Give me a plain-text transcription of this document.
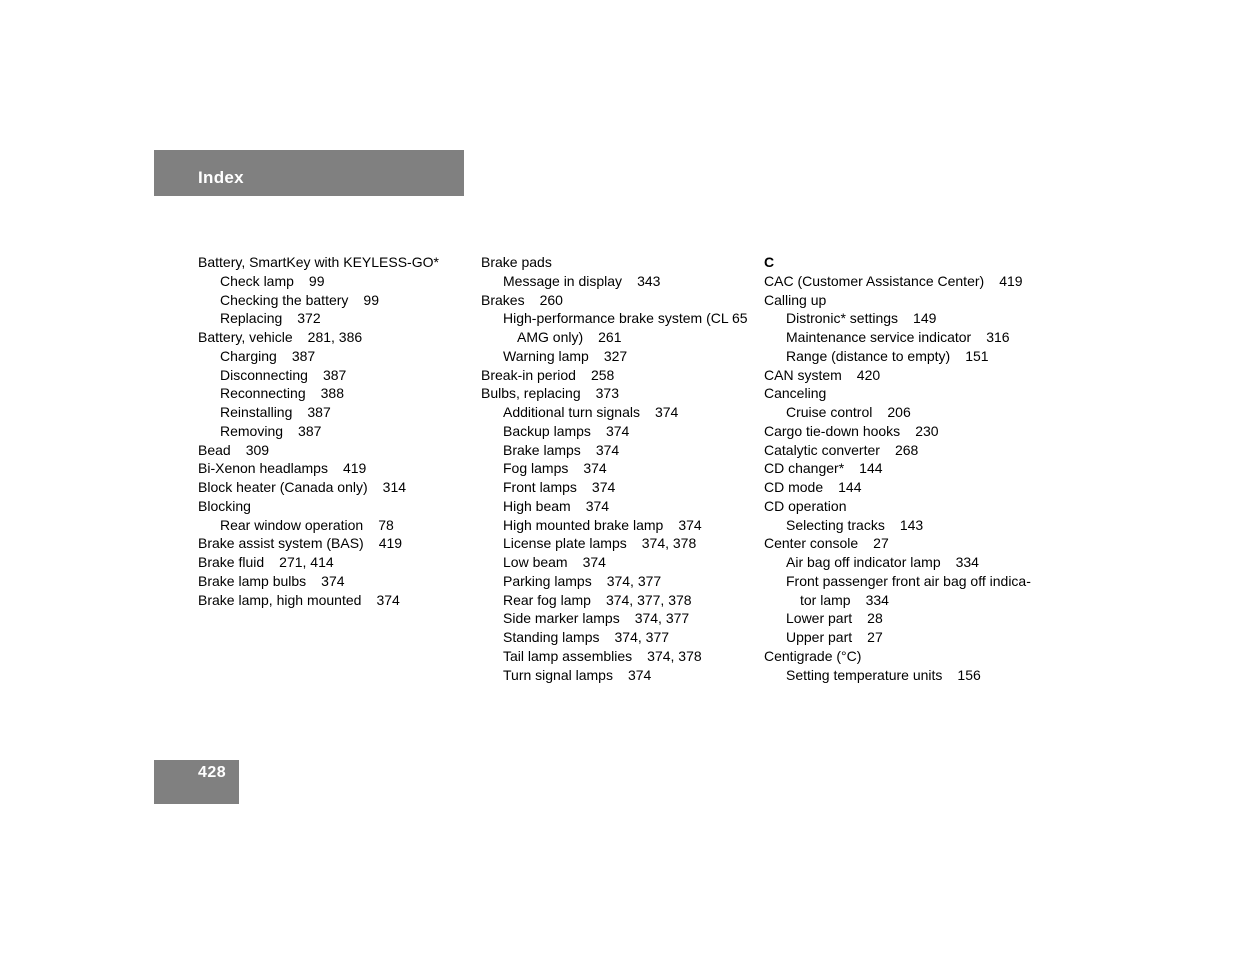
Index
Battery, SmartKey with KEYLESS-GO*
Check lamp 99
Checking the battery 99
Replacing 372
Battery, vehicle 281, 386
Charging 387
Disconnecting 387
Reconnecting 388
Reinstalling 387
Removing 387
Bead 309
Bi-Xenon headlamps 419
Block heater (Canada only) 314
Blocking
Rear window operation 78
Brake assist system (BAS) 419
Brake fluid 271, 414
Brake lamp bulbs 374
Brake lamp, high mounted 374
Brake pads
Message in display 343
Brakes 260
High-performance brake system (CL 65 AMG only) 261
Warning lamp 327
Break-in period 258
Bulbs, replacing 373
Additional turn signals 374
Backup lamps 374
Brake lamps 374
Fog lamps 374
Front lamps 374
High beam 374
High mounted brake lamp 374
License plate lamps 374, 378
Low beam 374
Parking lamps 374, 377
Rear fog lamp 374, 377, 378
Side marker lamps 374, 377
Standing lamps 374, 377
Tail lamp assemblies 374, 378
Turn signal lamps 374
C
CAC (Customer Assistance Center) 419
Calling up
Distronic* settings 149
Maintenance service indicator 316
Range (distance to empty) 151
CAN system 420
Canceling
Cruise control 206
Cargo tie-down hooks 230
Catalytic converter 268
CD changer* 144
CD mode 144
CD operation
Selecting tracks 143
Center console 27
Air bag off indicator lamp 334
Front passenger front air bag off indica-tor lamp 334
Lower part 28
Upper part 27
Centigrade (°C)
Setting temperature units 156
428
